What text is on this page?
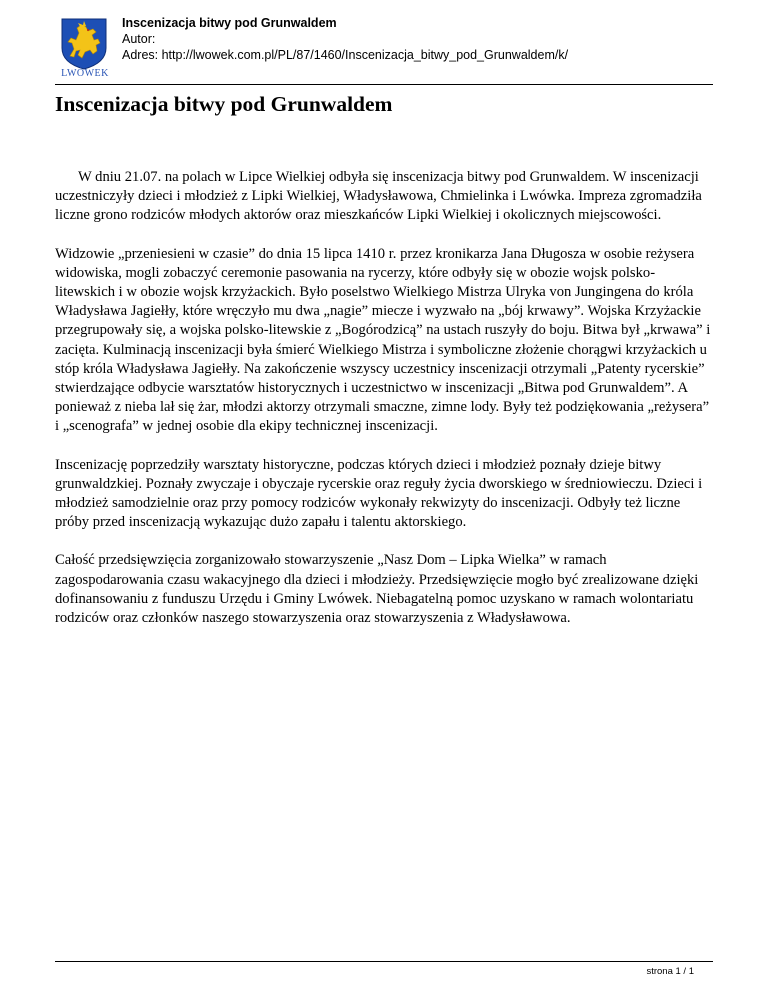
LWÓWEK
Inscenizacja bitwy pod Grunwaldem
Autor:
Adres: http://lwowek.com.pl/PL/87/1460/Inscenizacja_bitwy_pod_Grunwaldem/k/
Inscenizacja bitwy pod Grunwaldem

W dniu 21.07. na polach w Lipce Wielkiej odbyła się inscenizacja bitwy pod Grunwaldem. W inscenizacji uczestniczyły dzieci i młodzież z Lipki Wielkiej, Władysławowa, Chmielinka i Lwówka. Impreza zgromadziła liczne grono rodziców młodych aktorów oraz mieszkańców Lipki Wielkiej i okolicznych miejscowości.

Widzowie „przeniesieni w czasie” do dnia 15 lipca 1410 r. przez kronikarza Jana Długosza w osobie reżysera widowiska, mogli zobaczyć ceremonie pasowania na rycerzy, które odbyły się w obozie wojsk polsko-litewskich i w obozie wojsk krzyżackich. Było poselstwo Wielkiego Mistrza Ulryka von Jungingena do króla Władysława Jagiełły, które wręczyło mu dwa „nagie” miecze i wyzwało na „bój krwawy”. Wojska Krzyżackie przegrupowały się, a wojska polsko-litewskie z „Bogórodzicą” na ustach ruszyły do boju. Bitwa był „krwawa” i zacięta. Kulminacją inscenizacji była śmierć Wielkiego Mistrza i symboliczne złożenie chorągwi krzyżackich u stóp króla Władysława Jagiełły. Na zakończenie wszyscy uczestnicy inscenizacji otrzymali „Patenty rycerskie” stwierdzające odbycie warsztatów historycznych i uczestnictwo w inscenizacji „Bitwa pod Grunwaldem”. A ponieważ z nieba lał się żar, młodzi aktorzy otrzymali smaczne, zimne lody. Były też podziękowania „reżysera” i „scenografa” w jednej osobie dla ekipy technicznej inscenizacji.

Inscenizację poprzedziły warsztaty historyczne, podczas których dzieci i młodzież poznały dzieje bitwy grunwaldzkiej. Poznały zwyczaje i obyczaje rycerskie oraz reguły życia dworskiego w średniowieczu. Dzieci i młodzież samodzielnie oraz przy pomocy rodziców wykonały rekwizyty do inscenizacji. Odbyły też liczne próby przed inscenizacją wykazując dużo zapału i talentu aktorskiego.

Całość przedsięwzięcia zorganizowało stowarzyszenie „Nasz Dom – Lipka Wielka” w ramach zagospodarowania czasu wakacyjnego dla dzieci i młodzieży. Przedsięwzięcie mogło być zrealizowane dzięki dofinansowaniu z funduszu Urzędu i Gminy Lwówek. Niebagatelną pomoc uzyskano w ramach wolontariatu rodziców oraz członków naszego stowarzyszenia oraz stowarzyszenia z Władysławowa.

strona 1 / 1
